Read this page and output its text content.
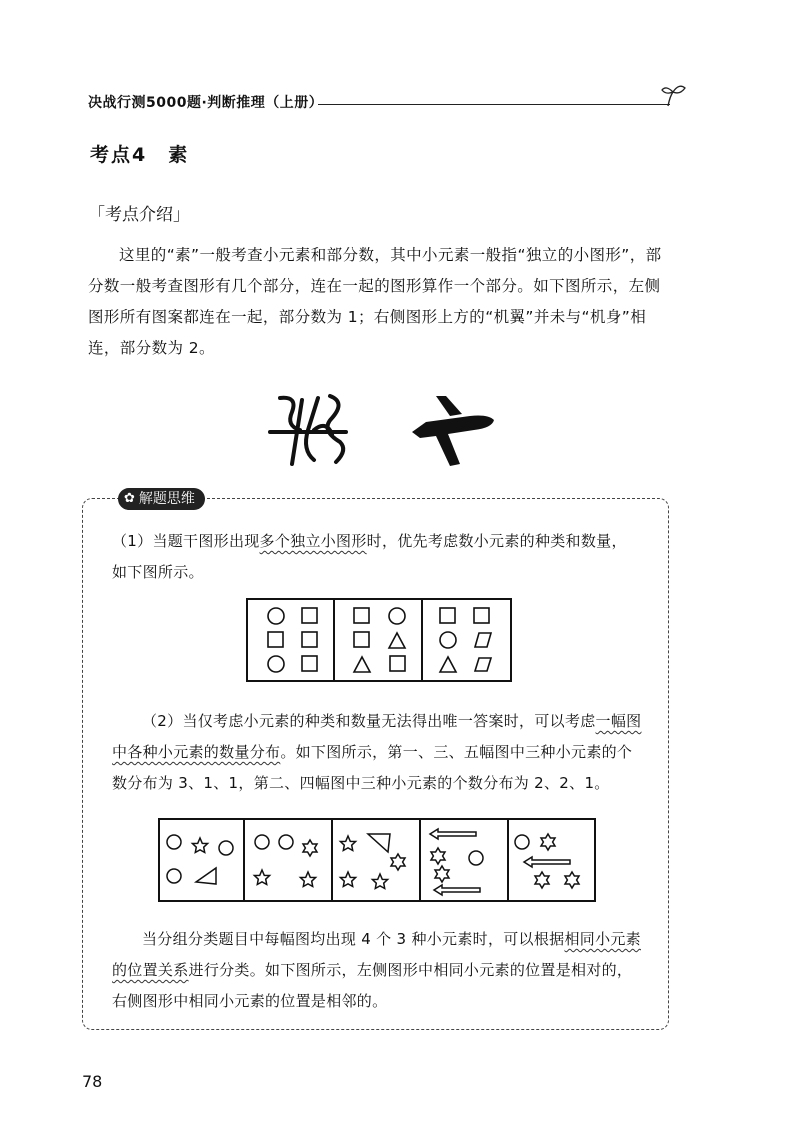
决战行测5000题·判断推理（上册）
考点4　素
「考点介绍」
这里的“素”一般考查小元素和部分数，其中小元素一般指“独立的小图形”，部分数一般考查图形有几个部分，连在一起的图形算作一个部分。如下图所示，左侧图形所有图案都连在一起，部分数为 1；右侧图形上方的“机翼”并未与“机身”相连，部分数为 2。
✿ 解题思维
（1）当题干图形出现多个独立小图形时，优先考虑数小元素的种类和数量，如下图所示。
（2）当仅考虑小元素的种类和数量无法得出唯一答案时，可以考虑一幅图中各种小元素的数量分布。如下图所示，第一、三、五幅图中三种小元素的个数分布为 3、1、1，第二、四幅图中三种小元素的个数分布为 2、2、1。
当分组分类题目中每幅图均出现 4 个 3 种小元素时，可以根据相同小元素的位置关系进行分类。如下图所示，左侧图形中相同小元素的位置是相对的，右侧图形中相同小元素的位置是相邻的。
78
